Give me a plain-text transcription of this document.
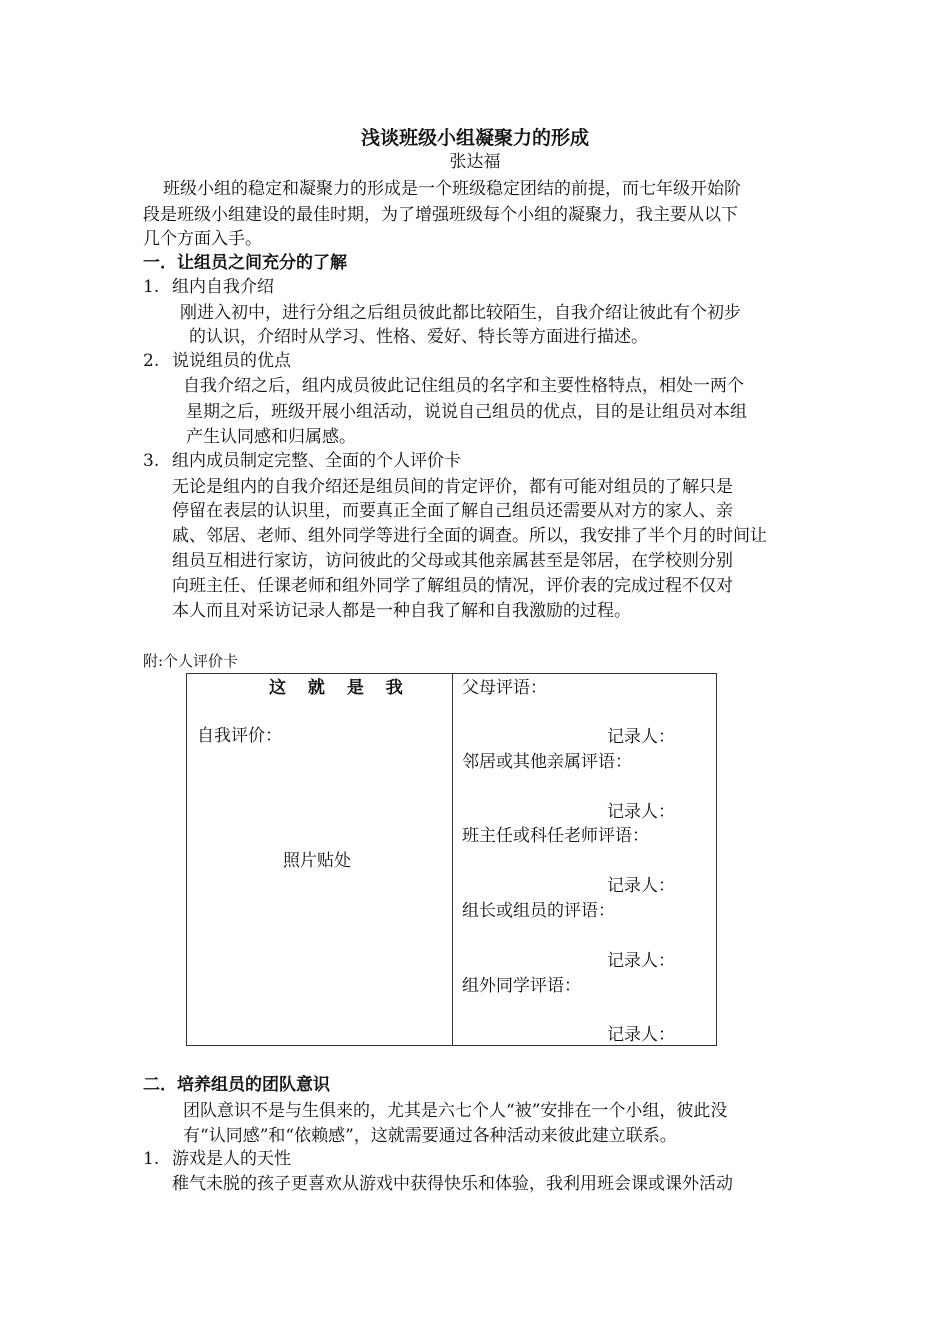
浅谈班级小组凝聚力的形成
张达福
班级小组的稳定和凝聚力的形成是一个班级稳定团结的前提，而七年级开始阶
段是班级小组建设的最佳时期，为了增强班级每个小组的凝聚力，我主要从以下
几个方面入手。
一．让组员之间充分的了解
1. 组内自我介绍
刚进入初中，进行分组之后组员彼此都比较陌生，自我介绍让彼此有个初步
的认识，介绍时从学习、性格、爱好、特长等方面进行描述。
2. 说说组员的优点
自我介绍之后，组内成员彼此记住组员的名字和主要性格特点，相处一两个
星期之后，班级开展小组活动，说说自己组员的优点，目的是让组员对本组
产生认同感和归属感。
3. 组内成员制定完整、全面的个人评价卡
无论是组内的自我介绍还是组员间的肯定评价，都有可能对组员的了解只是
停留在表层的认识里，而要真正全面了解自己组员还需要从对方的家人、亲
戚、邻居、老师、组外同学等进行全面的调查。所以，我安排了半个月的时间让
组员互相进行家访，访问彼此的父母或其他亲属甚至是邻居，在学校则分别
向班主任、任课老师和组外同学了解组员的情况，评价表的完成过程不仅对
本人而且对采访记录人都是一种自我了解和自我激励的过程。
附:个人评价卡
这 就 是 我
自我评价：
照片贴处
父母评语：
记录人：
邻居或其他亲属评语：
记录人：
班主任或科任老师评语：
记录人：
组长或组员的评语：
记录人：
组外同学评语：
记录人：
二．培养组员的团队意识
团队意识不是与生俱来的，尤其是六七个人“被”安排在一个小组，彼此没
有“认同感”和“依赖感”，这就需要通过各种活动来彼此建立联系。
1. 游戏是人的天性
稚气未脱的孩子更喜欢从游戏中获得快乐和体验，我利用班会课或课外活动
